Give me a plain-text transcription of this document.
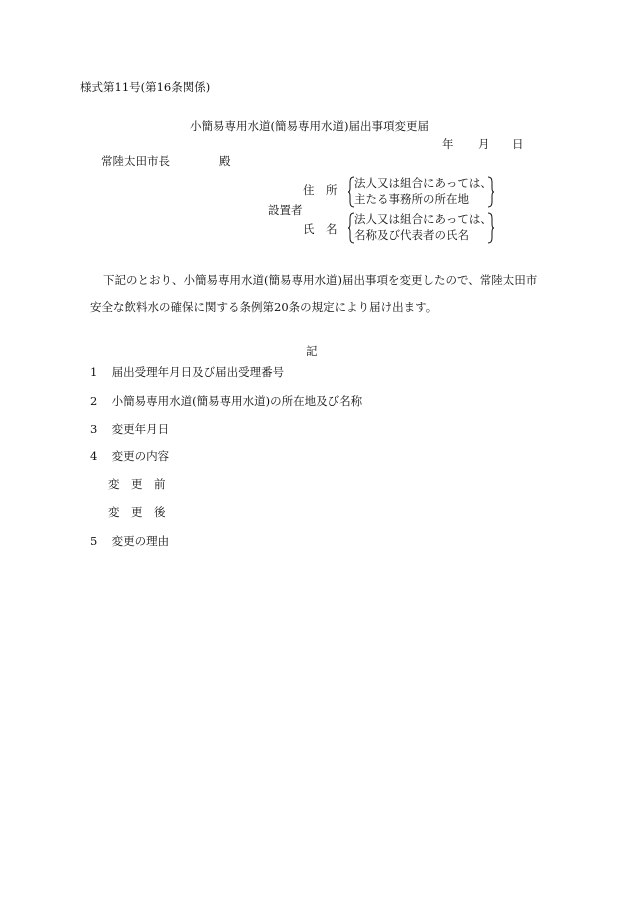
様式第11号(第16条関係)
小簡易専用水道(簡易専用水道)届出事項変更届
年 月 日
常陸太田市長	殿
住　所 法人又は組合にあっては、
主たる事務所の所在地
設置者
氏　名
法人又は組合にあっては、
名称及び代表者の氏名
下記のとおり、小簡易専用水道(簡易専用水道)届出事項を変更したので、常陸太田市
安全な飲料水の確保に関する条例第20条の規定により届け出ます。
記
1 届出受理年月日及び届出受理番号
2 小簡易専用水道(簡易専用水道)の所在地及び名称
3 変更年月日
4 変更の内容
変　更　前
変　更　後
5 変更の理由
